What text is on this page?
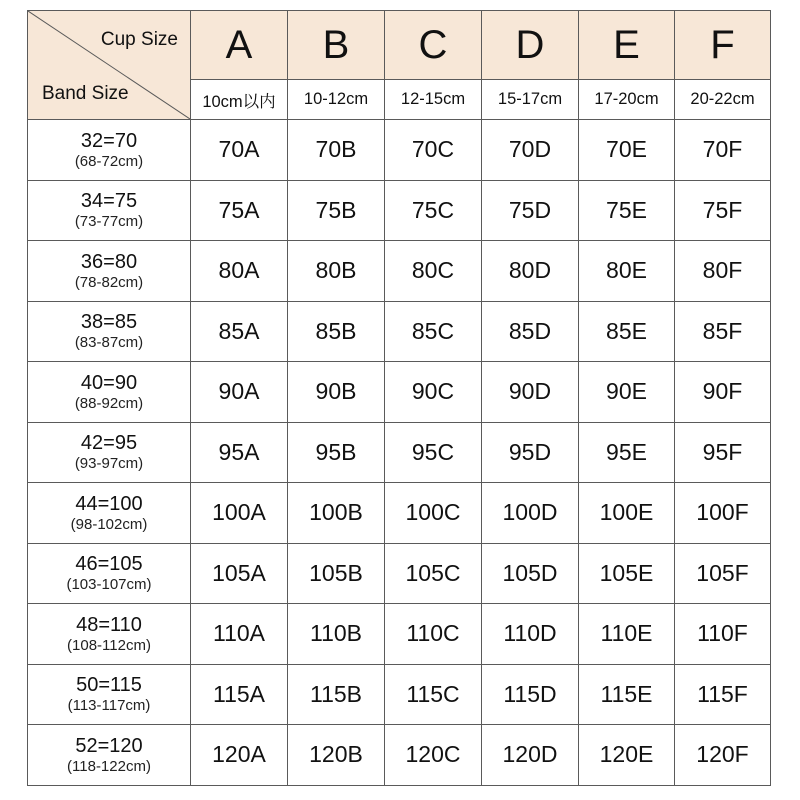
Cup Size
Band Size	A	B	C	D	E	F
	10cm以内	10-12cm	12-15cm	15-17cm	17-20cm	20-22cm

32=70
(68-72cm)	70A	70B	70C	70D	70E	70F

34=75
(73-77cm)	75A	75B	75C	75D	75E	75F

36=80
(78-82cm)	80A	80B	80C	80D	80E	80F

38=85
(83-87cm)	85A	85B	85C	85D	85E	85F

40=90
(88-92cm)	90A	90B	90C	90D	90E	90F

42=95
(93-97cm)	95A	95B	95C	95D	95E	95F

44=100
(98-102cm)	100A	100B	100C	100D	100E	100F

46=105
(103-107cm)	105A	105B	105C	105D	105E	105F

48=110
(108-112cm)	110A	110B	110C	110D	110E	110F

50=115
(113-117cm)	115A	115B	115C	115D	115E	115F

52=120
(118-122cm)	120A	120B	120C	120D	120E	120F
